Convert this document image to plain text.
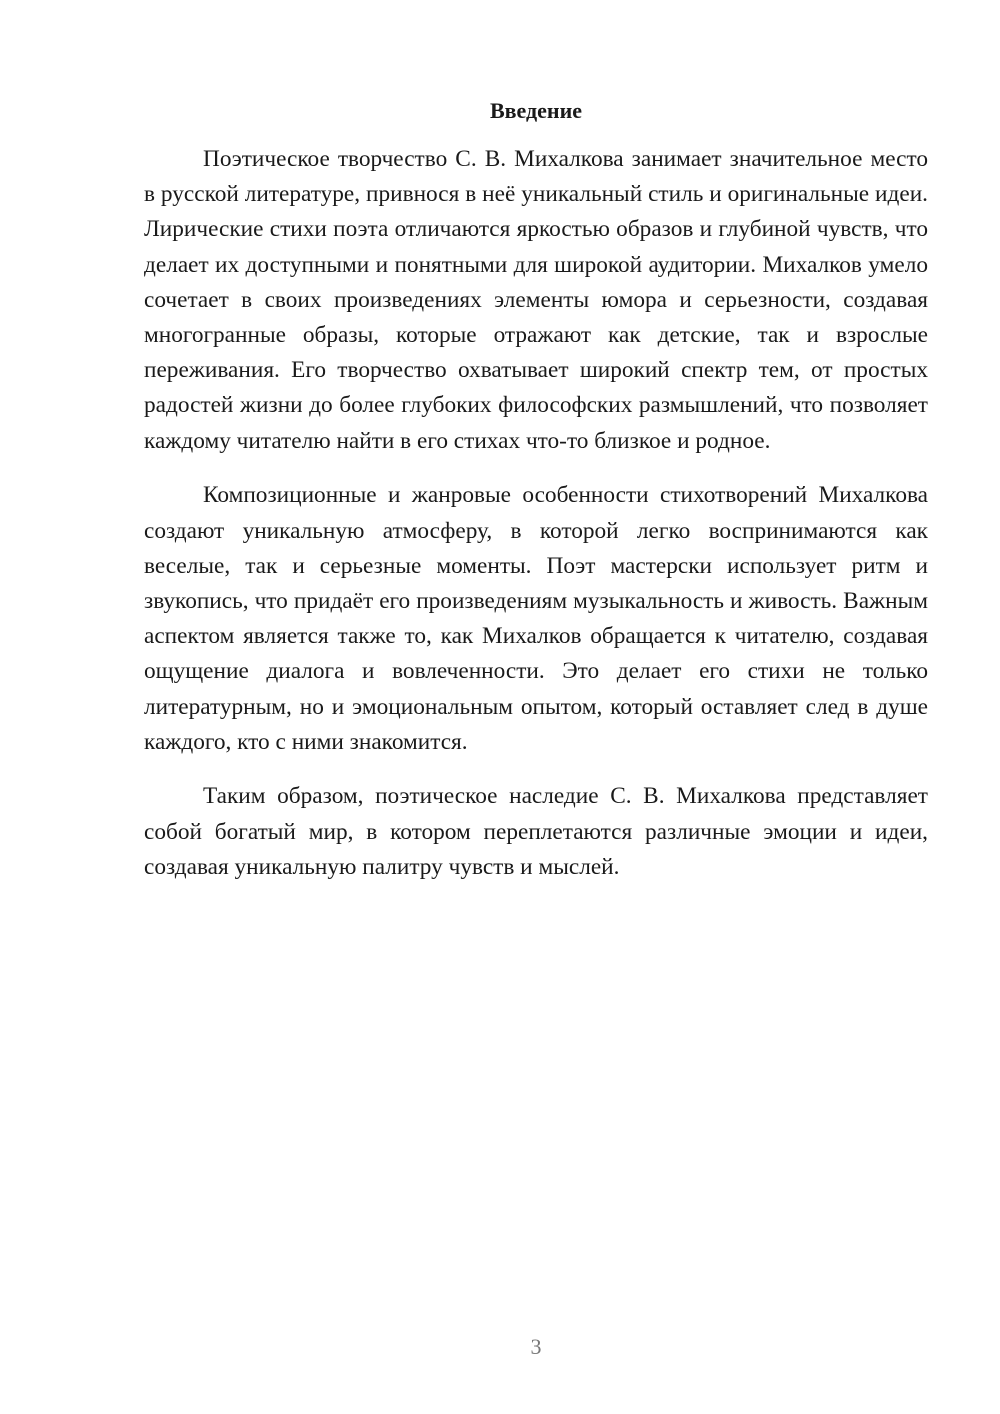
Введение

Поэтическое творчество С. В. Михалкова занимает значительное место в русской литературе, привнося в неё уникальный стиль и оригинальные идеи. Лирические стихи поэта отличаются яркостью образов и глубиной чувств, что делает их доступными и понятными для широкой аудитории. Михалков умело сочетает в своих произведениях элементы юмора и серьезности, создавая многогранные образы, которые отражают как детские, так и взрослые переживания. Его творчество охватывает широкий спектр тем, от простых радостей жизни до более глубоких философских размышлений, что позволяет каждому читателю найти в его стихах что-то близкое и родное.

Композиционные и жанровые особенности стихотворений Михалкова создают уникальную атмосферу, в которой легко воспринимаются как веселые, так и серьезные моменты. Поэт мастерски использует ритм и звукопись, что придаёт его произведениям музыкальность и живость. Важным аспектом является также то, как Михалков обращается к читателю, создавая ощущение диалога и вовлеченности. Это делает его стихи не только литературным, но и эмоциональным опытом, который оставляет след в душе каждого, кто с ними знакомится.

Таким образом, поэтическое наследие С. В. Михалкова представляет собой богатый мир, в котором переплетаются различные эмоции и идеи, создавая уникальную палитру чувств и мыслей.

3
